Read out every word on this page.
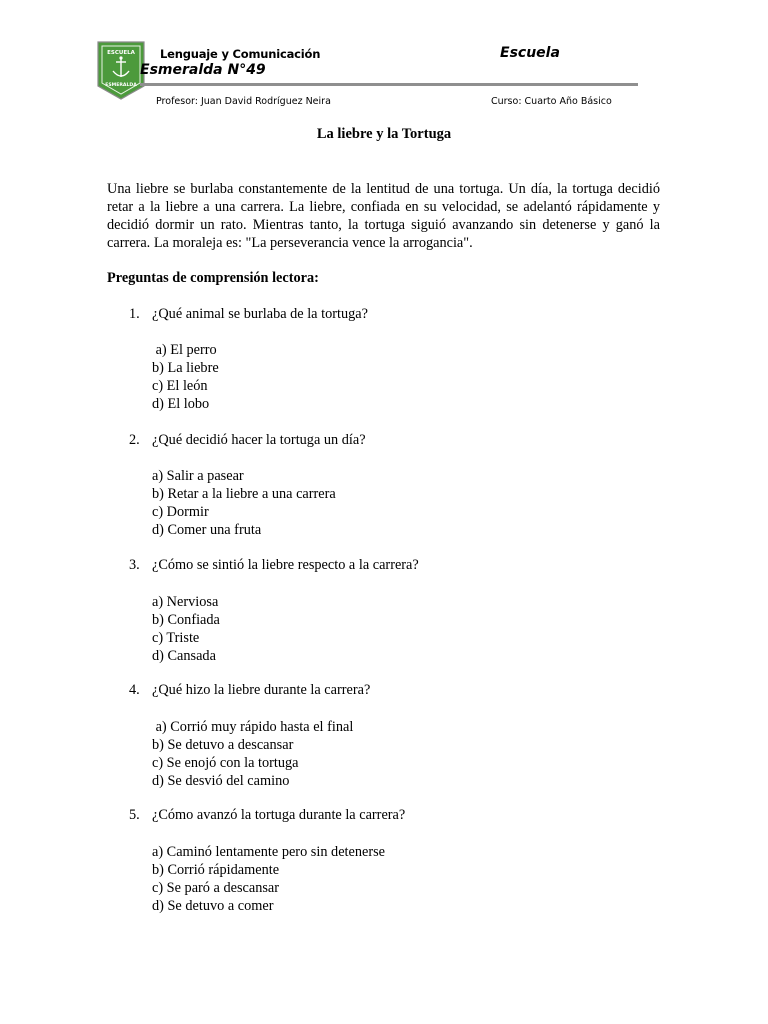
ESCUELA
ESMERALDA
Lenguaje y Comunicación	Escuela
Esmeralda N°49
Profesor: Juan David Rodríguez Neira	Curso: Cuarto Año Básico
La liebre y la Tortuga
Una liebre se burlaba constantemente de la lentitud de una tortuga. Un día, la tortuga decidió retar a la liebre a una carrera. La liebre, confiada en su velocidad, se adelantó rápidamente y decidió dormir un rato. Mientras tanto, la tortuga siguió avanzando sin detenerse y ganó la carrera. La moraleja es: "La perseverancia vence la arrogancia".
Preguntas de comprensión lectora:
1. ¿Qué animal se burlaba de la tortuga?
a) El perro
b) La liebre
c) El león
d) El lobo
2. ¿Qué decidió hacer la tortuga un día?
a) Salir a pasear
b) Retar a la liebre a una carrera
c) Dormir
d) Comer una fruta
3. ¿Cómo se sintió la liebre respecto a la carrera?
a) Nerviosa
b) Confiada
c) Triste
d) Cansada
4. ¿Qué hizo la liebre durante la carrera?
a) Corrió muy rápido hasta el final
b) Se detuvo a descansar
c) Se enojó con la tortuga
d) Se desvió del camino
5. ¿Cómo avanzó la tortuga durante la carrera?
a) Caminó lentamente pero sin detenerse
b) Corrió rápidamente
c) Se paró a descansar
d) Se detuvo a comer
